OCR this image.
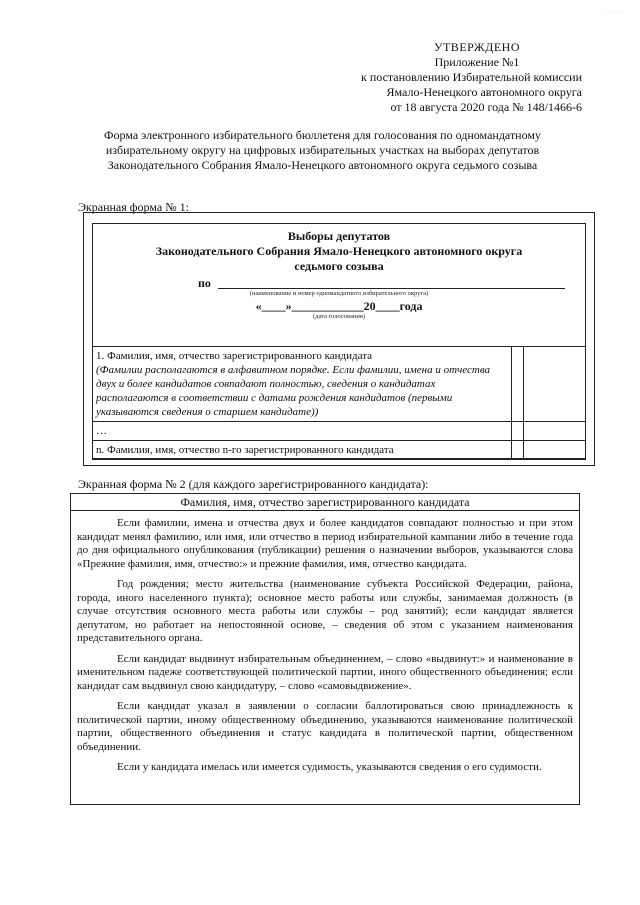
· · · · ·
УТВЕРЖДЕНО
Приложение №1
к постановлению Избирательной комиссии
Ямало-Ненецкого автономного округа
от 18 августа 2020 года № 148/1466-6
Форма электронного избирательного бюллетеня для голосования по одномандатному
избирательному округу на цифровых избирательных участках на выборах депутатов
Законодательного Собрания Ямало-Ненецкого автономного округа седьмого созыва
Экранная форма № 1:
Выборы депутатов
Законодательного Собрания Ямало-Ненецкого автономного округа
седьмого созыва
по
(наименование и номер одномандатного избирательного округа)
«____»____________20____года
(дата голосования)
1. Фамилия, имя, отчество зарегистрированного кандидата
(Фамилии располагаются в алфавитном порядке. Если фамилии, имена и отчества двух и более кандидатов совпадают полностью, сведения о кандидатах располагаются в соответствии с датами рождения кандидатов (первыми указываются сведения о старшем кандидате))
…
n. Фамилия, имя, отчество n-го зарегистрированного кандидата
Экранная форма № 2 (для каждого зарегистрированного кандидата):
Фамилия, имя, отчество зарегистрированного кандидата

Если фамилии, имена и отчества двух и более кандидатов совпадают полностью и при этом кандидат менял фамилию, или имя, или отчество в период избирательной кампании либо в течение года до дня официального опубликования (публикации) решения о назначении выборов, указываются слова «Прежние фамилия, имя, отчество:» и прежние фамилия, имя, отчество кандидата.

Год рождения; место жительства (наименование субъекта Российской Федерации, района, города, иного населенного пункта); основное место работы или службы, занимаемая должность (в случае отсутствия основного места работы или службы – род занятий); если кандидат является депутатом, но работает на непостоянной основе, – сведения об этом с указанием наименования представительного органа.

Если кандидат выдвинут избирательным объединением, – слово «выдвинут:» и наименование в именительном падеже соответствующей политической партии, иного общественного объединения; если кандидат сам выдвинул свою кандидатуру, – слово «самовыдвижение».

Если кандидат указал в заявлении о согласии баллотироваться свою принадлежность к политической партии, иному общественному объединению, указываются наименование политической партии, общественного объединения и статус кандидата в политической партии, общественном объединении.

Если у кандидата имелась или имеется судимость, указываются сведения о его судимости.
